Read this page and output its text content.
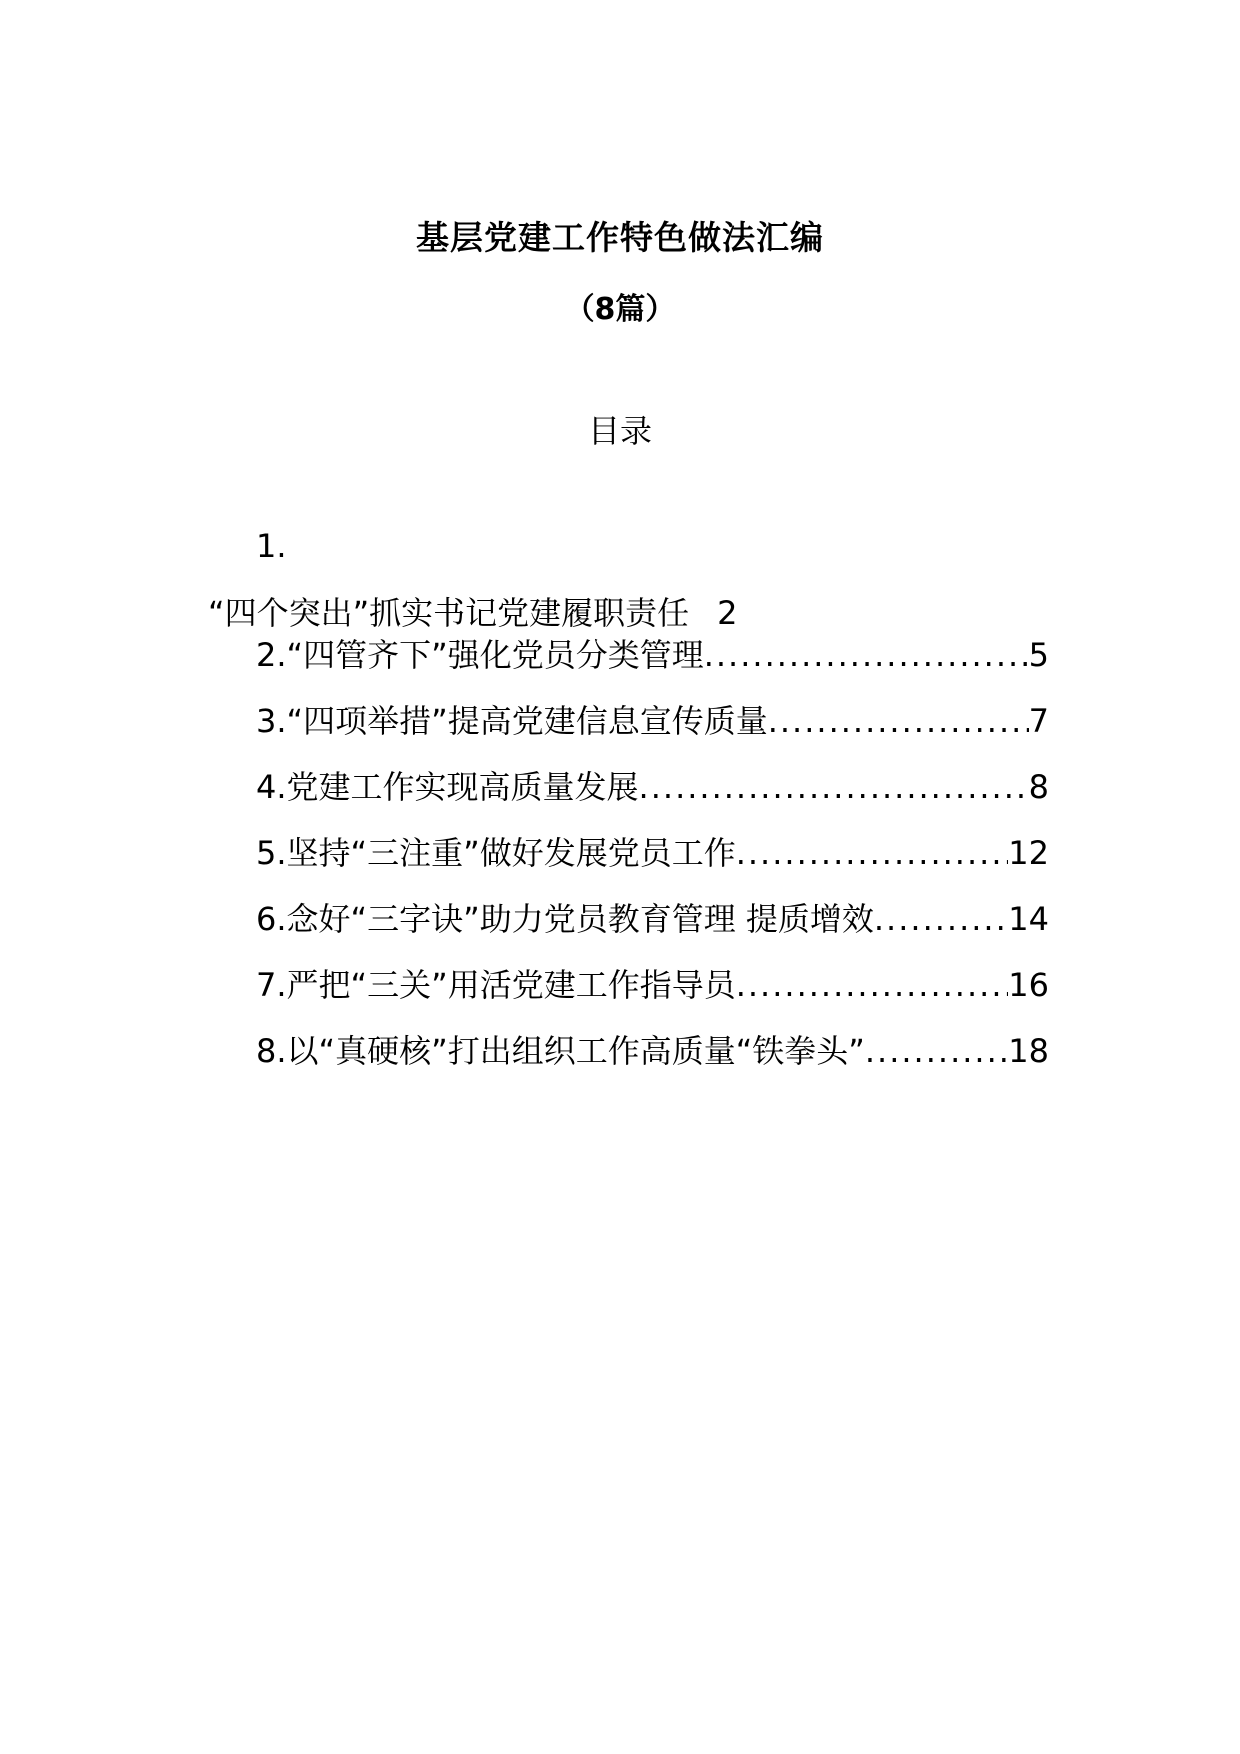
基层党建工作特色做法汇编
（8篇）
目录
1.
“四个突出”抓实书记党建履职责任 2
2.“四管齐下”强化党员分类管理 .....	5
3.“四项举措”提高党建信息宣传质量 .....	7
4.党建工作实现高质量发展 .....	8
5.坚持“三注重”做好发展党员工作 .....	12
6.念好“三字诀”助力党员教育管理 提质增效 .....	14
7.严把“三关”用活党建工作指导员 .....	16
8.以“真硬核”打出组织工作高质量“铁拳头” .....	18
